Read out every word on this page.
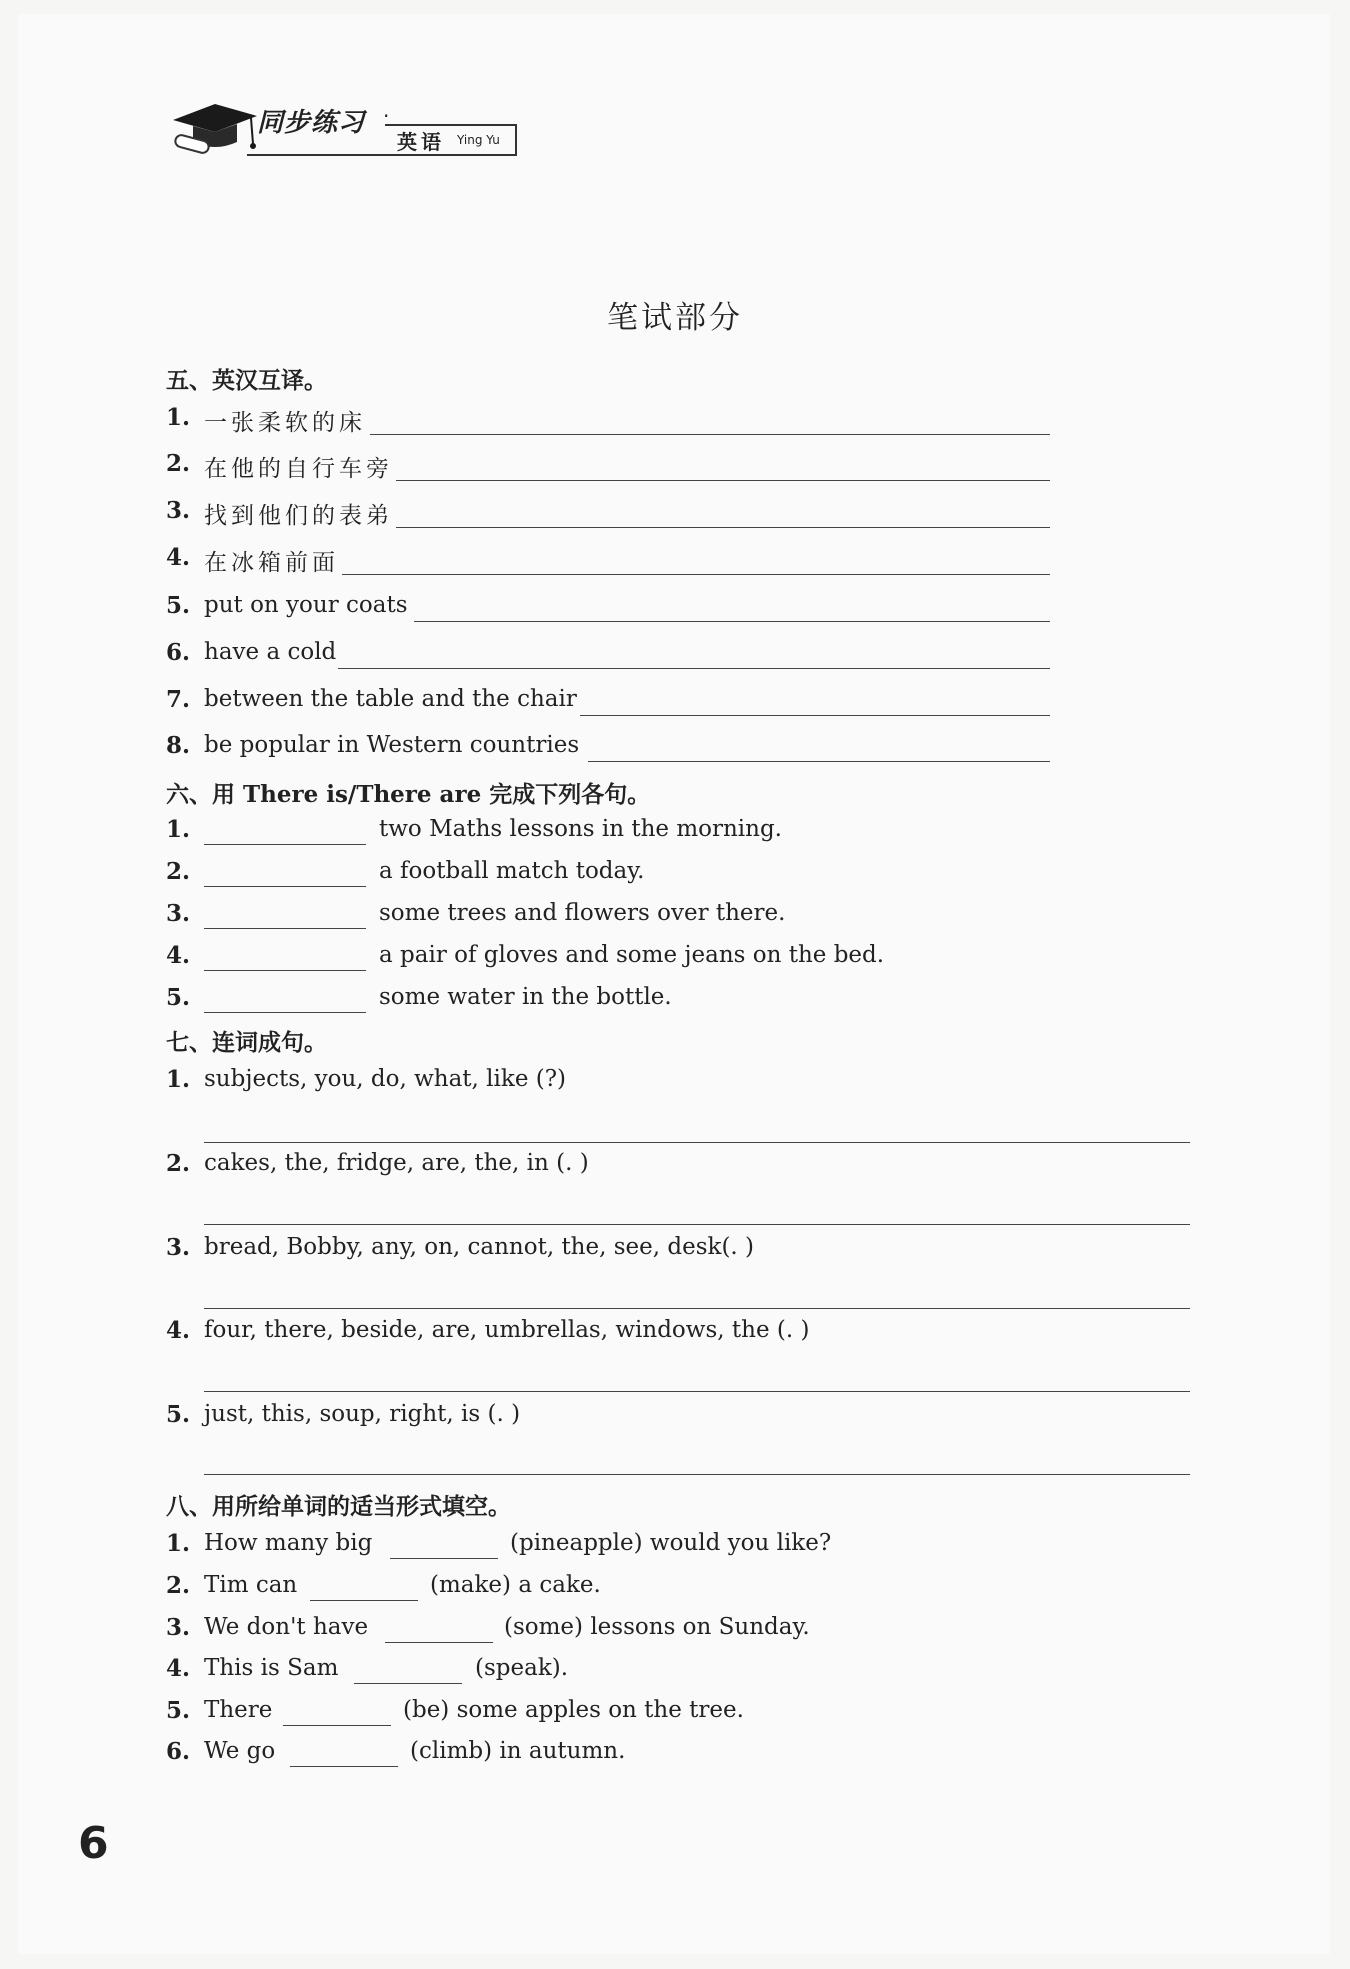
同步练习 ·
英语 Ying Yu
笔试部分
五、英汉互译。
1. 一张柔软的床
2. 在他的自行车旁
3. 找到他们的表弟
4. 在冰箱前面
5. put on your coats
6. have a cold
7. between the table and the chair
8. be popular in Western countries
六、用 There is/There are 完成下列各句。
1.	two Maths lessons in the morning.
2.	a football match today.
3.	some trees and flowers over there.
4.	a pair of gloves and some jeans on the bed.
5.	some water in the bottle.
七、连词成句。
1. subjects, you, do, what, like (?)
2. cakes, the, fridge, are, the, in (. )
3. bread, Bobby, any, on, cannot, the, see, desk(. )
4. four, there, beside, are, umbrellas, windows, the (. )
5. just, this, soup, right, is (. )
八、用所给单词的适当形式填空。
1. How many big	(pineapple) would you like?
2. Tim can	(make) a cake.
3. We don't have	(some) lessons on Sunday.
4. This is Sam	(speak).
5. There	(be) some apples on the tree.
6. We go	(climb) in autumn.
6
